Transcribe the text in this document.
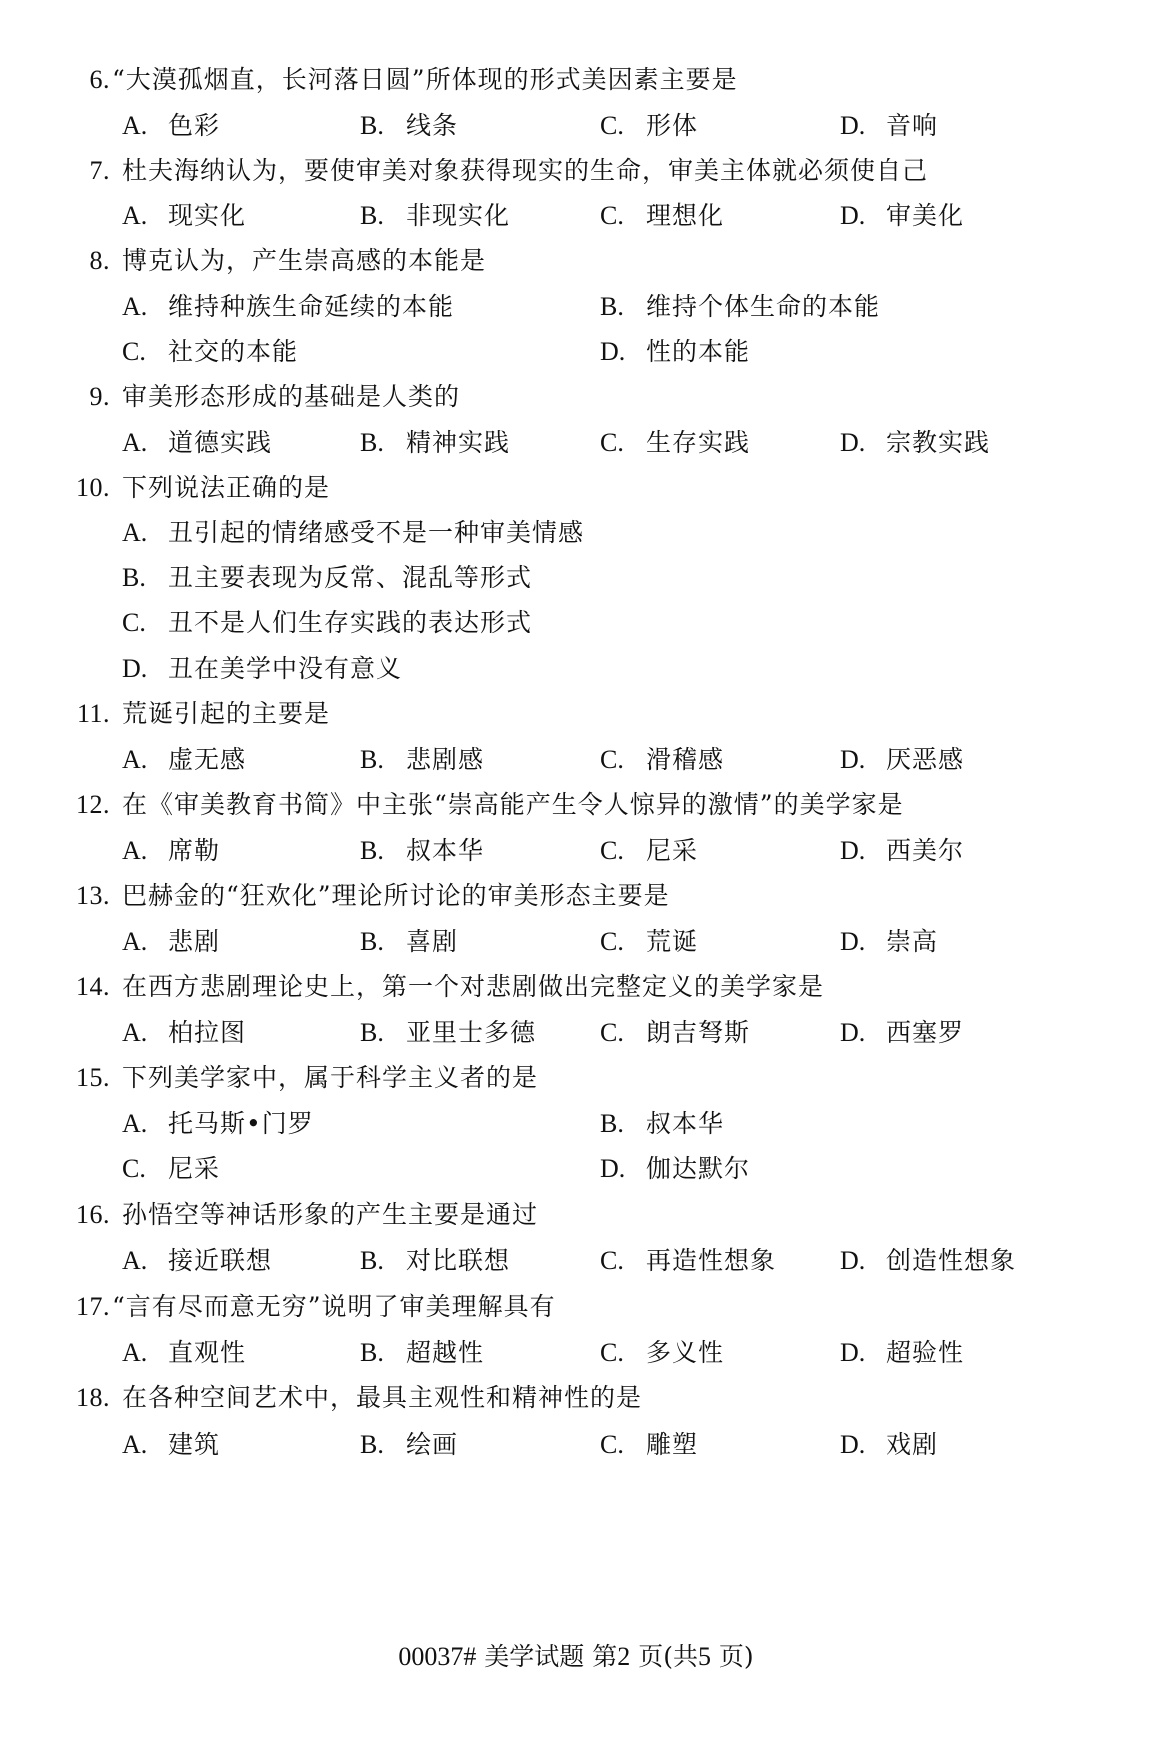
6. “大漠孤烟直，长河落日圆”所体现的形式美因素主要是
A. 色彩	B. 线条	C. 形体	D. 音响
7. 杜夫海纳认为，要使审美对象获得现实的生命，审美主体就必须使自己
A. 现实化	B. 非现实化	C. 理想化	D. 审美化
8. 博克认为，产生崇高感的本能是
A. 维持种族生命延续的本能	B. 维持个体生命的本能
C. 社交的本能	D. 性的本能
9. 审美形态形成的基础是人类的
A. 道德实践	B. 精神实践	C. 生存实践	D. 宗教实践
10. 下列说法正确的是
A. 丑引起的情绪感受不是一种审美情感
B. 丑主要表现为反常、混乱等形式
C. 丑不是人们生存实践的表达形式
D. 丑在美学中没有意义
11. 荒诞引起的主要是
A. 虚无感	B. 悲剧感	C. 滑稽感	D. 厌恶感
12. 在《审美教育书简》中主张“崇高能产生令人惊异的激情”的美学家是
A. 席勒	B. 叔本华	C. 尼采	D. 西美尔
13. 巴赫金的“狂欢化”理论所讨论的审美形态主要是
A. 悲剧	B. 喜剧	C. 荒诞	D. 崇高
14. 在西方悲剧理论史上，第一个对悲剧做出完整定义的美学家是
A. 柏拉图	B. 亚里士多德 C. 朗吉弩斯	D. 西塞罗
15. 下列美学家中，属于科学主义者的是
A. 托马斯•门罗	B. 叔本华
C. 尼采	D. 伽达默尔
16. 孙悟空等神话形象的产生主要是通过
A. 接近联想	B. 对比联想	C. 再造性想象 D. 创造性想象
17. “言有尽而意无穷”说明了审美理解具有
A. 直观性	B. 超越性	C. 多义性	D. 超验性
18. 在各种空间艺术中，最具主观性和精神性的是
A. 建筑	B. 绘画	C. 雕塑	D. 戏剧
00037# 美学试题 第2 页(共5 页)
